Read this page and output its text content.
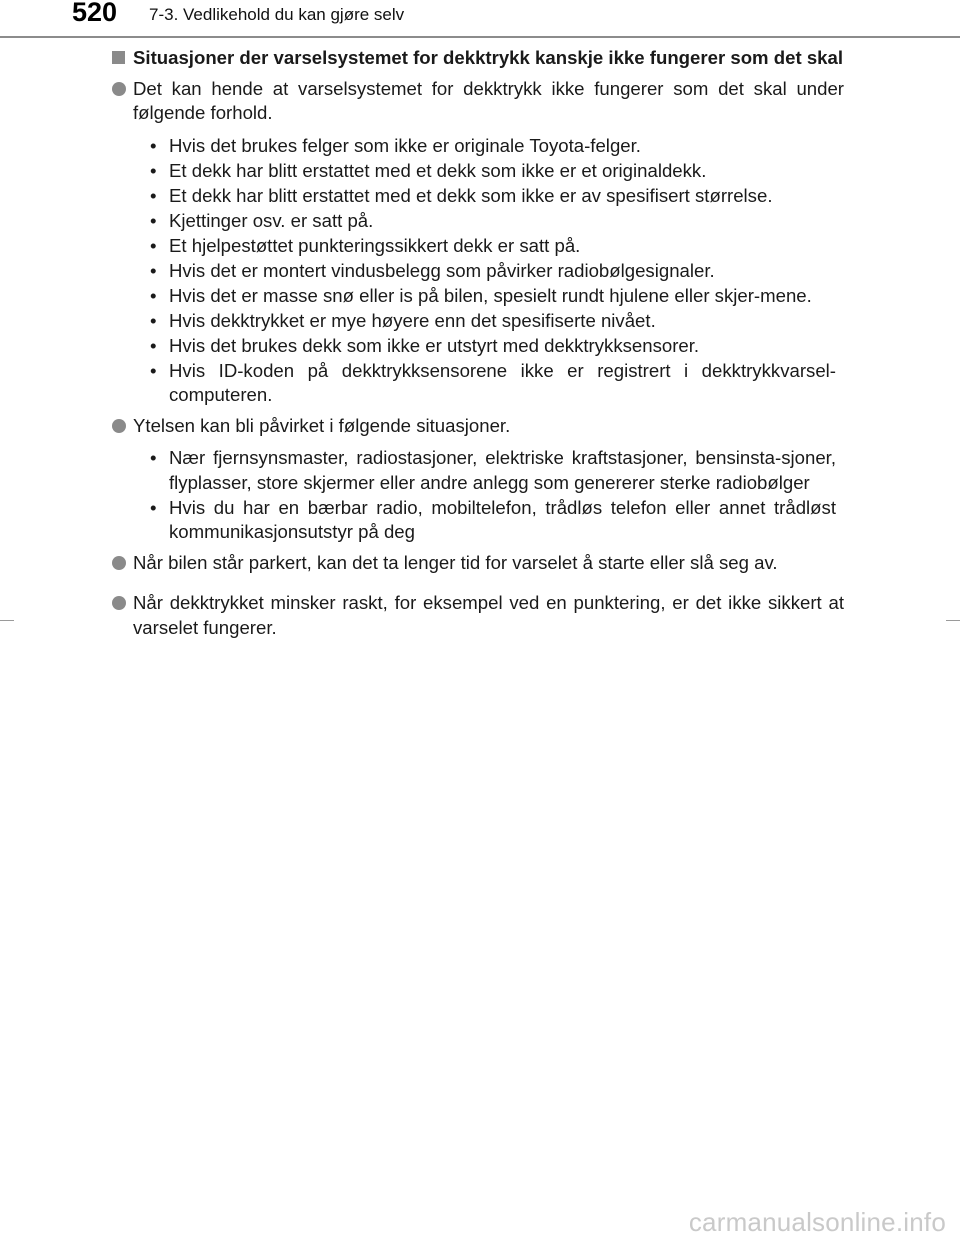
520 7-3. Vedlikehold du kan gjøre selv
Situasjoner der varselsystemet for dekktrykk kanskje ikke fungerer som det skal
Det kan hende at varselsystemet for dekktrykk ikke fungerer som det skal under følgende forhold.
• Hvis det brukes felger som ikke er originale Toyota-felger.
• Et dekk har blitt erstattet med et dekk som ikke er et originaldekk.
• Et dekk har blitt erstattet med et dekk som ikke er av spesifisert størrelse.
• Kjettinger osv. er satt på.
• Et hjelpestøttet punkteringssikkert dekk er satt på.
• Hvis det er montert vindusbelegg som påvirker radiobølgesignaler.
• Hvis det er masse snø eller is på bilen, spesielt rundt hjulene eller skjer-mene.
• Hvis dekktrykket er mye høyere enn det spesifiserte nivået.
• Hvis det brukes dekk som ikke er utstyrt med dekktrykksensorer.
• Hvis ID-koden på dekktrykksensorene ikke er registrert i dekktrykkvarsel-computeren.
Ytelsen kan bli påvirket i følgende situasjoner.
• Nær fjernsynsmaster, radiostasjoner, elektriske kraftstasjoner, bensinsta-sjoner, flyplasser, store skjermer eller andre anlegg som genererer sterke radiobølger
• Hvis du har en bærbar radio, mobiltelefon, trådløs telefon eller annet trådløst kommunikasjonsutstyr på deg
Når bilen står parkert, kan det ta lenger tid for varselet å starte eller slå seg av.
Når dekktrykket minsker raskt, for eksempel ved en punktering, er det ikke sikkert at varselet fungerer.
carmanualsonline.info
